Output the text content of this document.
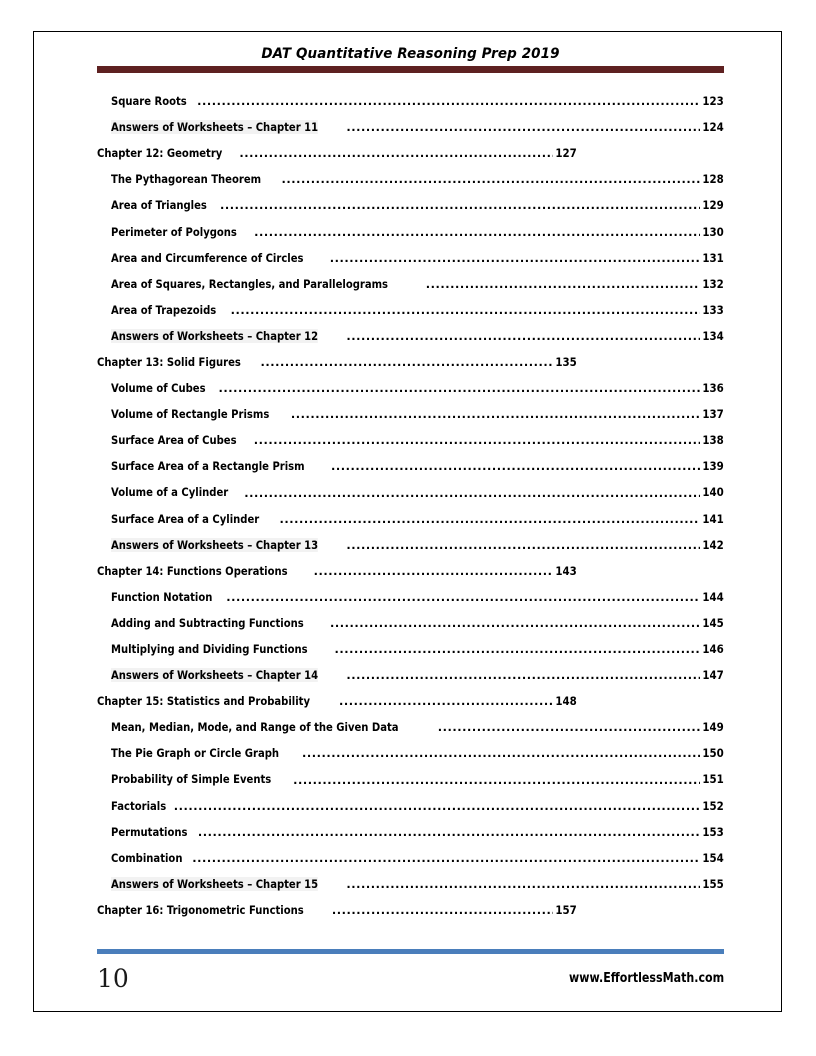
DAT Quantitative Reasoning Prep 2019
Square Roots .....	123
Answers of Worksheets – Chapter 11 .....	124
Chapter 12: Geometry .....	127
The Pythagorean Theorem .....	128
Area of Triangles .....	129
Perimeter of Polygons .....	130
Area and Circumference of Circles .....	131
Area of Squares, Rectangles, and Parallelograms .....	132
Area of Trapezoids .....	133
Answers of Worksheets – Chapter 12 .....	134
Chapter 13: Solid Figures .....	135
Volume of Cubes .....	136
Volume of Rectangle Prisms .....	137
Surface Area of Cubes .....	138
Surface Area of a Rectangle Prism .....	139
Volume of a Cylinder .....	140
Surface Area of a Cylinder .....	141
Answers of Worksheets – Chapter 13 .....	142
Chapter 14: Functions Operations .....	143
Function Notation .....	144
Adding and Subtracting Functions .....	145
Multiplying and Dividing Functions .....	146
Answers of Worksheets – Chapter 14 .....	147
Chapter 15: Statistics and Probability .....	148
Mean, Median, Mode, and Range of the Given Data .....	149
The Pie Graph or Circle Graph .....	150
Probability of Simple Events .....	151
Factorials .....	152
Permutations .....	153
Combination .....	154
Answers of Worksheets – Chapter 15 .....	155
Chapter 16: Trigonometric Functions .....	157
10	www.EffortlessMath.com
